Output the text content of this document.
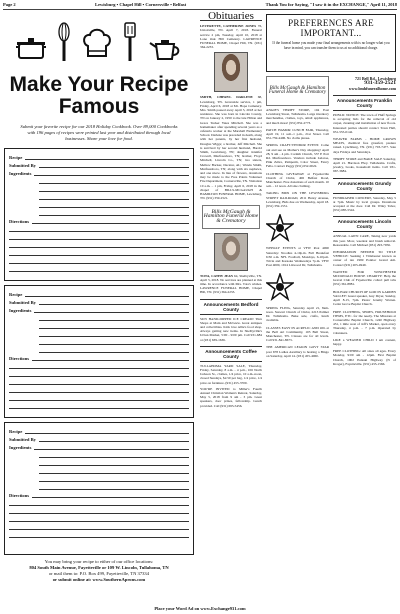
Page 2	Lewisburg • Chapel Hill • Cornersville • Belfast	Thank You for Saying, "I saw it in the EXCHANGE," April 11, 2018
Make Your Recipe Famous
Submit your favorite recipe for our 2018 Holiday Cookbook. Over 89,000 Cookbooks with 196 pages of recipes were printed last year and distributed through local businesses. Share your love for food.
Recipe
Submitted By
Ingredients
Directions
Recipe
Submitted By
Ingredients
Directions
Recipe
Submitted By
Ingredients
Directions
You may bring your recipe to either of our office locations:
804 South Main Avenue, Fayetteville or 109 W. Lincoln, Tullahoma, TN
or mail them to: P.O. Box 499, Fayetteville, TN 37334
or submit online at: www.SouthernAprons.com
Obituaries

LEVERETTE, CATHERINE JONES 76, Unionville, TN. April 7, 2018. Funeral service 2 pm, Tuesday, April 10, 2018 at Lone Oak Hill Cemetery. LAWRENCE FUNERAL HOME, Chapel Hill, TN. (931) 364-2233.

SMITH, CHERYL DARLENE 68, Lewisburg, TN. Graveside service, 1 pm, Friday, April 6, 2018 at Mt. Hope Cemetery. Mrs. Smith passed away April 3, 2018 at her residence. She was born in Lincoln County, TN on January 2, 1950 to the late Hilton and Grace Tucker Yates Mitchell. She was a homemaker after spending several years as a cafeteria worker at the Marshall Elementary School. Darlene was preceded in death, along with her parents, by her first husband, Douglas Wiggs; a brother, Jeff Mitchell. She is survived by her second husband, Harold Smith, Lewisburg, TN; daughter Jennifer Crowell, Murfreesboro, TN; brother, Floyd Mitchell, Lincoln Co., TN; two sisters, Mellow Backer, Decatur, AL; Wanda Smith, Murfreesboro, TN; along with six nephews, and one niece. In lieu of flowers, donations may be made to the Free Points Volunteer Fire Department, Cornersville, TN. Visitation 10 a.m. – 1 pm, Friday, April 6, 2018 in the chapel of BILLS-MCGAUGH & HAMILTON FUNERAL HOME, Lewisburg, TN. (931) 359-2521.

Bills McGaugh & Hamilton Funeral Home & Crematory

TOTA, CATHY JEAN 64, Shelbyville, TN. April 5, 2018. No services are planned at this time. In accordance with Mrs. Tota's wishes. LAWRENCE FUNERAL HOME, Chapel Hill, TN. (931) 364-2233.

Announcements Bedford County

SUN HAND-DIPPED ICE CREAM! Thru Shops at Main and McGrew. Great antiques and collectibles. Kids love Allie's food shop. Always getting new items. In Shelbyville's Urban Market, 5:00 - 9:00 pm. Call 931-684 or (931) 639-1636.

Announcements Coffee County

TULLAHOMA YARD SALE, Thursday, Friday, Saturday, 8 a.m. - 4 p.m., 106 North Jackson St., clothes, 1/4 price, 10 a.m.-noon, closed Sundays, $2.50 per bag, 1/4 price, 1/4 price on furniture. (931) 455-3700.

YOU'RE INVITED to Miller's Fourth Annual Christian Women's Retreat, Saturday, May 5, 2018 from 9 am - 3 pm. Great speakers, door prizes, fellowship. Lunch provided. Call (931) 695-5456.

PREFERENCES ARE IMPORTANT...
If the funeral home you made your final arrangements with is no longer what you have in mind, you can transfer them to us at no additional charge.
Bills McGaugh & Hamilton Funeral Home & Crematory

ANGIE'S THRIFT STORE, 104 East Lewisburg Street, Tullahoma. Large inventory merchandise, clothes, toys, small appliances, and much more! (931) 852-2773.

PATCH HAMOR LUNCH FAIR, Thursday, April 19, 11 a.m.-1 p.m., 21st Street. Call 931-759-4406. No cloths please.

SPRING CRAFT/VENDOR EVENT. Come out and see us Mother's Day shopping! April 28, 9 am - 4 pm. Corinth Church, 537 E Port Rd. Murfreesboro. Vendors include Lularoe, Pink Zebra, Pamperm, Color Street, Fancy Fella. Contact Peggy (931) 652-0022.

CLOTHING GIVEAWAY at Fayetteville Church of Christ, 406 Belfast Road, Manchester. Free donations of each month. 10 a.m. - 12 noon. All size clothing.

TAKING BIDS ON THE LEWISBURG STREET RAILROAD, 2011 Henry Avenue, Lewisburg. Bids due on Wednesday, April 18. (931) 359-1531.

WEEKLY EVENTS at VFW Post 4000 Saturday: Noodles 4-10p.m. Full Breakfast 6:30 a.m. NFL Football, Mondays, 6-10p.m. Trivia and Karaoke Wednesdays 7p.m. VFW Post 4000, 1914 Linwood Dr, Tullahoma.

SPRING FLING, Saturday April 21, 8am-noon. Stewart Church of Christ, 2213 Palmer Dr. Tullahoma. Bake sale, crafts, lunch available.

CLASSES EASY IN ACRYLIC AND OIL at the Bell Art Community, 103 Bell Street, Manchester, TN. Classes are for all levels. Call 931-841-8673.

THE AMERICAN LEGION GOVT STAR post 678 Ladies Auxiliary is hosting a Bingo on Saturday, April 14. (931) 455-4060.

721 Bell Rd., Lewisburg
931-359-2521
www.bmhfuneralhome.com
Announcements Franklin County

PUBLIC NOTICE: The town of Huff Springs is accepting bids for the removal of old carpet, cleaning and installation of new floors. Interested parties should contact Town Hall, 931-555-0142.

WEAVER FARMS - HOME GROWN MEATS, chemical free grassfed, pasture raised. Lynchburg, TN. (931) 703-7477. Sale days Fridays and Saturdays.

THRIFT STORE and BAKE SALE Saturday, April 21. Harrison Hwy. Tullahoma. Crafts, jewelry, books, household items. Call 931-967-3684.

Announcements Grundy County

FUNDRAISER CONCERT, Saturday, May 5 at 7pm. Music by local groups. Donations accepted at the door. Call Dr. Wiley Tabor, (931) 685-5542.

Announcements Lincoln County

ANNUAL LAWN CARE, Taking new yards this year. Mow, weedeat and brush removal. Reasonable. Call Michael (931) 293-7956.

INFORMATION NEEDED TO TITLE VEHICLE: Seeking 1 Titlebearer known as owner of tan 1999 Pontiac Grand Am. Contact (931) 205-4949.

WANTED FOR WINCHESTER MCDONALD HOUSE CHARITY: Help the Gravel Club of Fayetteville collect pull tabs (931) 361-8881.

BOLIVAR CHURCH OF GOD IN GARDEN VALLEY: Guest speaker, Guy Dryer, Sunday, April 8-15, 7pm. Pastor Jeremy Warren. Cedar Grove Baptist Church.

FREE CLOTHING, SHOES, HOUSEHOLD ITEMS, ETC. for the needy. The Missions at Cornersville Baptist Church, 1240 Highway 431, 1 mile west of Jeff's Market, open every Thursday, 4 p.m. - 7 p.m. Operated by volunteers.

LIKE a WEANED CHILD I am content, happy.

FREE CLOTHING: All sizes all ages. Every Monday, 9:00 am - 12pm. First Baptist Church, 1902 Pulaski Highway (N of Kroger), Fayetteville. (931) 433-1566.

Place your Word Ad on www.Exchange931.com
